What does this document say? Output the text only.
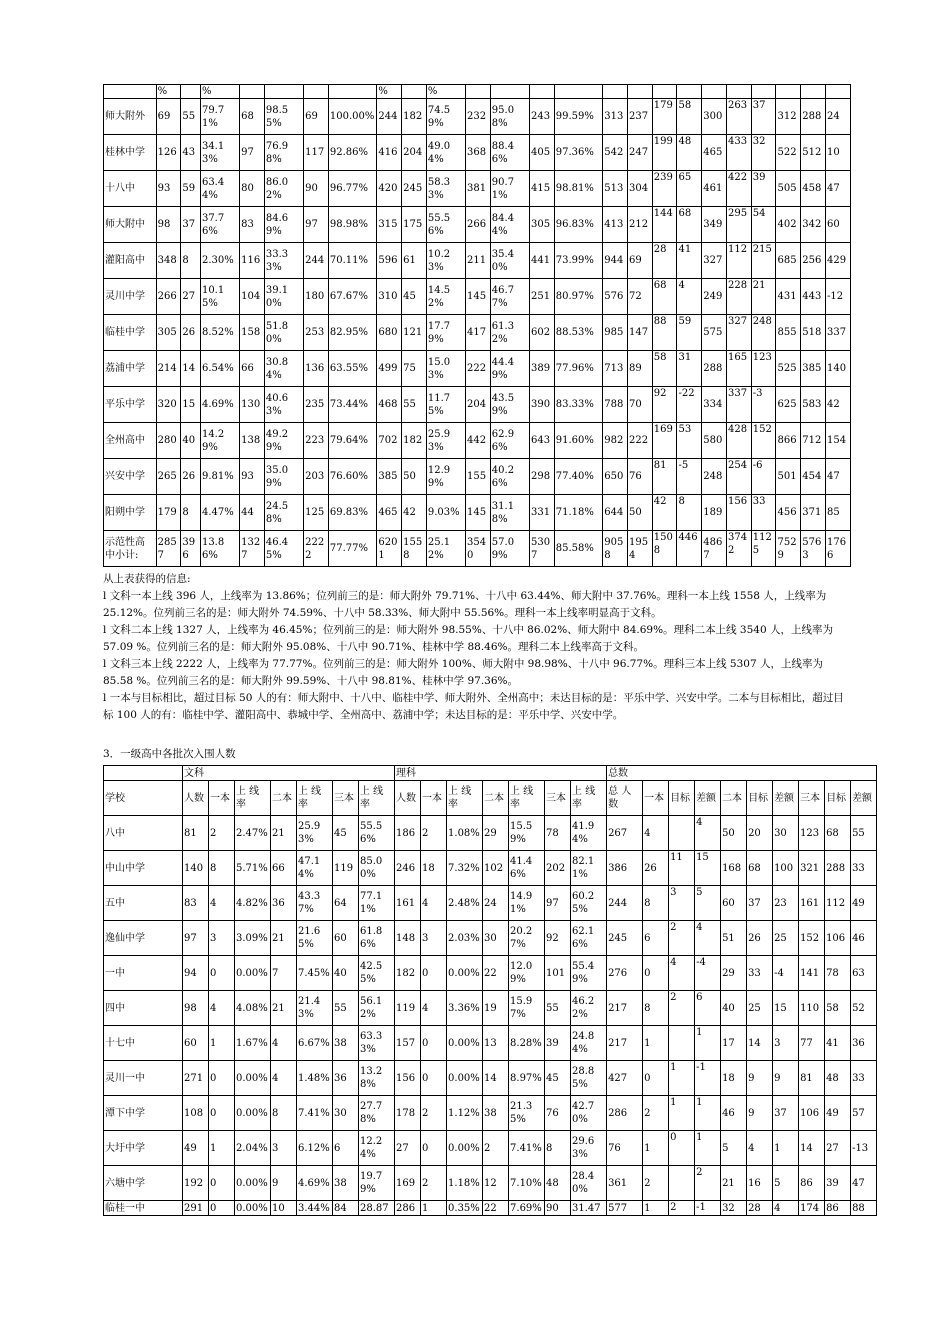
	%		%					%		%														
师大附外	69	55	79.71%	68	98.55%	69	100.00%	244	182	74.59%	232	95.08%	243	99.59%	313	237	179	58	300	263	37	312	288	24
桂林中学	126	43	34.13%	97	76.98%	117	92.86%	416	204	49.04%	368	88.46%	405	97.36%	542	247	199	48	465	433	32	522	512	10
十八中	93	59	63.44%	80	86.02%	90	96.77%	420	245	58.33%	381	90.71%	415	98.81%	513	304	239	65	461	422	39	505	458	47
师大附中	98	37	37.76%	83	84.69%	97	98.98%	315	175	55.56%	266	84.44%	305	96.83%	413	212	144	68	349	295	54	402	342	60
灌阳高中	348	8	2.30%	116	33.33%	244	70.11%	596	61	10.23%	211	35.40%	441	73.99%	944	69	28	41	327	112	215	685	256	429
灵川中学	266	27	10.15%	104	39.10%	180	67.67%	310	45	14.52%	145	46.77%	251	80.97%	576	72	68	4	249	228	21	431	443	-12
临桂中学	305	26	8.52%	158	51.80%	253	82.95%	680	121	17.79%	417	61.32%	602	88.53%	985	147	88	59	575	327	248	855	518	337
荔浦中学	214	14	6.54%	66	30.84%	136	63.55%	499	75	15.03%	222	44.49%	389	77.96%	713	89	58	31	288	165	123	525	385	140
平乐中学	320	15	4.69%	130	40.63%	235	73.44%	468	55	11.75%	204	43.59%	390	83.33%	788	70	92	-22	334	337	-3	625	583	42
全州高中	280	40	14.29%	138	49.29%	223	79.64%	702	182	25.93%	442	62.96%	643	91.60%	982	222	169	53	580	428	152	866	712	154
兴安中学	265	26	9.81%	93	35.09%	203	76.60%	385	50	12.99%	155	40.26%	298	77.40%	650	76	81	-5	248	254	-6	501	454	47
阳朔中学	179	8	4.47%	44	24.58%	125	69.83%	465	42	9.03%	145	31.18%	331	71.18%	644	50	42	8	189	156	33	456	371	85
示范性高中小计:	2857	396	13.86%	1327	46.45%	2222	77.77%	6201	1558	25.12%	3540	57.09%	5307	85.58%	9058	1954	1508	446	4867	3742	1125	7529	5763	1766

从上表获得的信息:

l 文科一本上线 396 人，上线率为 13.86%；位列前三的是：师大附外 79.71%、十八中 63.44%、师大附中 37.76%。理科一本上线 1558 人，上线率为 25.12%。位列前三名的是：师大附外 74.59%、十八中 58.33%、师大附中 55.56%。理科一本上线率明显高于文科。

l 文科二本上线 1327 人，上线率为 46.45%；位列前三的是：师大附外 98.55%、十八中 86.02%、师大附中 84.69%。理科二本上线 3540 人，上线率为 57.09 %。位列前三名的是：师大附外 95.08%、十八中 90.71%、桂林中学 88.46%。理科二本上线率高于文科。

l 文科三本上线 2222 人，上线率为 77.77%。位列前三的是：师大附外 100%、师大附中 98.98%、十八中 96.77%。理科三本上线 5307 人，上线率为 85.58 %。位列前三名的是：师大附外 99.59%、十八中 98.81%、桂林中学 97.36%。

l 一本与目标相比，超过目标 50 人的有：师大附中、十八中、临桂中学、师大附外、全州高中；未达目标的是：平乐中学、兴安中学。二本与目标相比，超过目标 100 人的有：临桂中学、灌阳高中、恭城中学、全州高中、荔浦中学；未达目标的是：平乐中学、兴安中学。

3．一级高中各批次入围人数
	文科							理科							总数									
学校	人数	一本	上 线 率	二本	上 线 率	三本	上 线 率	人数	一本	上 线 率	二本	上 线 率	三本	上 线 率	总 人数	一本	目标	差额	二本	目标	差额	三本	目标	差额
八中	81	2	2.47%	21	25.93%	45	55.56%	186	2	1.08%	29	15.59%	78	41.94%	267	4		4	50	20	30	123	68	55
中山中学	140	8	5.71%	66	47.14%	119	85.00%	246	18	7.32%	102	41.46%	202	82.11%	386	26	11	15	168	68	100	321	288	33
五中	83	4	4.82%	36	43.37%	64	77.11%	161	4	2.48%	24	14.91%	97	60.25%	244	8	3	5	60	37	23	161	112	49
逸仙中学	97	3	3.09%	21	21.65%	60	61.86%	148	3	2.03%	30	20.27%	92	62.16%	245	6	2	4	51	26	25	152	106	46
一中	94	0	0.00%	7	7.45%	40	42.55%	182	0	0.00%	22	12.09%	101	55.49%	276	0	4	-4	29	33	-4	141	78	63
四中	98	4	4.08%	21	21.43%	55	56.12%	119	4	3.36%	19	15.97%	55	46.22%	217	8	2	6	40	25	15	110	58	52
十七中	60	1	1.67%	4	6.67%	38	63.33%	157	0	0.00%	13	8.28%	39	24.84%	217	1		1	17	14	3	77	41	36
灵川一中	271	0	0.00%	4	1.48%	36	13.28%	156	0	0.00%	14	8.97%	45	28.85%	427	0	1	-1	18	9	9	81	48	33
潭下中学	108	0	0.00%	8	7.41%	30	27.78%	178	2	1.12%	38	21.35%	76	42.70%	286	2	1	1	46	9	37	106	49	57
大圩中学	49	1	2.04%	3	6.12%	6	12.24%	27	0	0.00%	2	7.41%	8	29.63%	76	1	0	1	5	4	1	14	27	-13
六塘中学	192	0	0.00%	9	4.69%	38	19.79%	169	2	1.18%	12	7.10%	48	28.40%	361	2		2	21	16	5	86	39	47
临桂一中	291	0	0.00%	10	3.44%	84	28.87	286	1	0.35%	22	7.69%	90	31.47	577	1	2	-1	32	28	4	174	86	88
